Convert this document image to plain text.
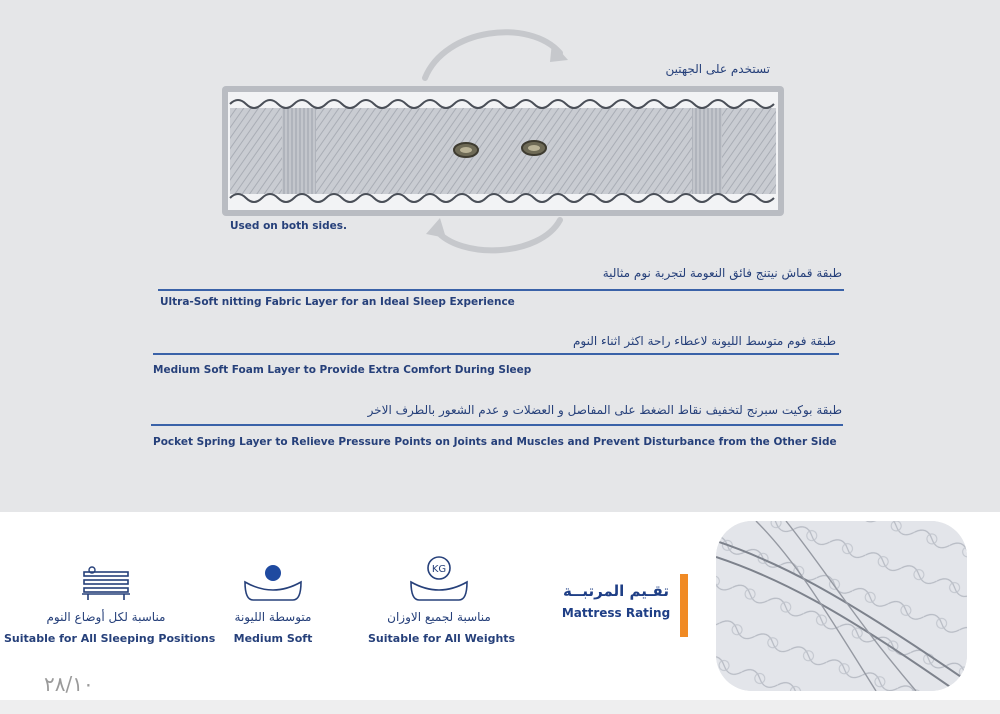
تستخدم على الجهتين
Used on both sides.
طبقة قماش نيتنج فائق النعومة لتجربة نوم مثالية
Ultra-Soft nitting Fabric Layer for an Ideal Sleep Experience
طبقة فوم متوسط الليونة لاعطاء راحة اكثر اثناء النوم
Medium Soft Foam Layer to Provide Extra Comfort During Sleep
طبقة بوكيت سبرنج لتخفيف نقاط الضغط على المفاصل و العضلات و عدم الشعور بالطرف الاخر
Pocket Spring Layer to Relieve Pressure Points on Joints and Muscles and Prevent Disturbance from the Other Side
مناسبة لكل أوضاع النوم
Suitable for All Sleeping Positions
متوسطة الليونة
Medium Soft
KG
مناسبة لجميع الاوزان
Suitable for All Weights
تقـيم المرتبــة
Mattress Rating
٢٨/١٠
